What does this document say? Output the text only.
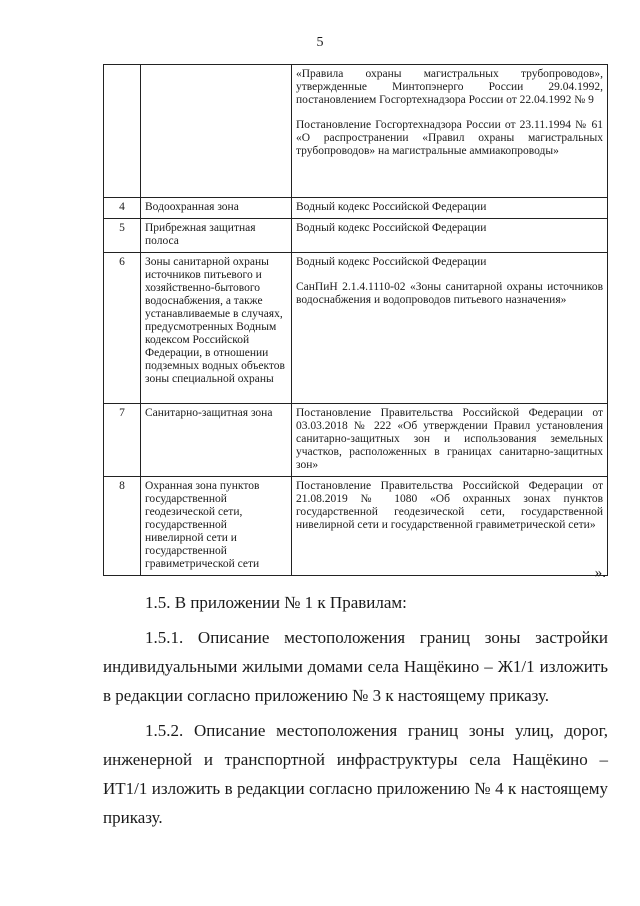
5

		«Правила охраны магистральных трубопроводов», утвержденные Минтопэнерго России 29.04.1992, постановлением Госгортехнадзора России от 22.04.1992 № 9

Постановление Госгортехнадзора России от 23.11.1994 № 61 «О распространении «Правил охраны магистральных трубопроводов» на магистральные аммиакопроводы»

4	Водоохранная зона	Водный кодекс Российской Федерации

5	Прибрежная защитная полоса	Водный кодекс Российской Федерации

6	Зоны санитарной охраны источников питьевого и хозяйственно-бытового водоснабжения, а также устанавливаемые в случаях, предусмотренных Водным кодексом Российской Федерации, в отношении подземных водных объектов зоны специальной охраны	Водный кодекс Российской Федерации

СанПиН 2.1.4.1110-02 «Зоны санитарной охраны источников водоснабжения и водопроводов питьевого назначения»

7	Санитарно-защитная зона	Постановление Правительства Российской Федерации от 03.03.2018 № 222 «Об утверждении Правил установления санитарно-защитных зон и использования земельных участков, расположенных в границах санитарно-защитных зон»

8	Охранная зона пунктов государственной геодезической сети, государственной нивелирной сети и государственной гравиметрической сети	Постановление Правительства Российской Федерации от 21.08.2019 № 1080 «Об охранных зонах пунктов государственной геодезической сети, государственной нивелирной сети и государственной гравиметрической сети»

».

1.5. В приложении № 1 к Правилам:

1.5.1. Описание местоположения границ зоны застройки индивидуальными жилыми домами села Нащёкино – Ж1/1 изложить в редакции согласно приложению № 3 к настоящему приказу.

1.5.2. Описание местоположения границ зоны улиц, дорог, инженерной и транспортной инфраструктуры села Нащёкино – ИТ1/1 изложить в редакции согласно приложению № 4 к настоящему приказу.
